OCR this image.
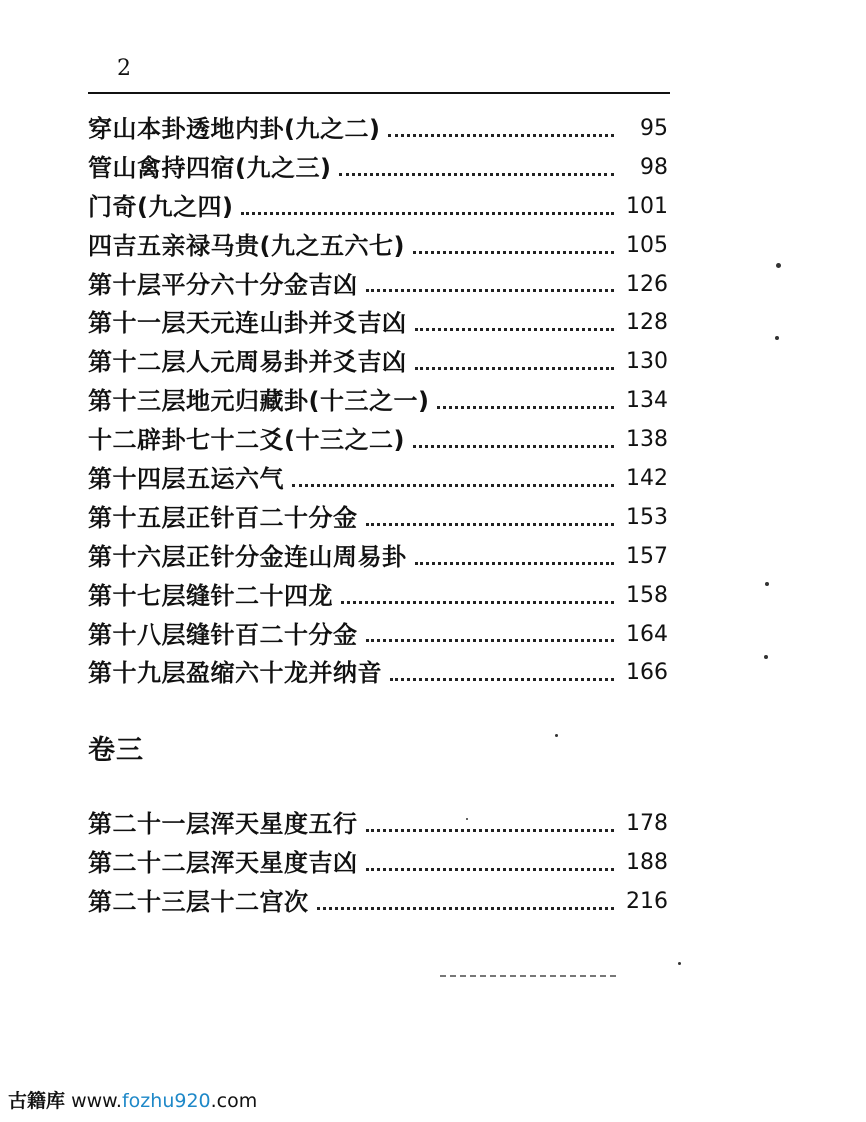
2
穿山本卦透地内卦(九之二)	95
管山禽持四宿(九之三)	98
门奇(九之四)	101
四吉五亲禄马贵(九之五六七)	105
第十层平分六十分金吉凶	126
第十一层天元连山卦并爻吉凶	128
第十二层人元周易卦并爻吉凶	130
第十三层地元归藏卦(十三之一)	134
十二辟卦七十二爻(十三之二)	138
第十四层五运六气	142
第十五层正针百二十分金	153
第十六层正针分金连山周易卦	157
第十七层缝针二十四龙	158
第十八层缝针百二十分金	164
第十九层盈缩六十龙并纳音	166
卷三
第二十一层浑天星度五行	178
第二十二层浑天星度吉凶	188
第二十三层十二宫次	216
古籍库 www.fozhu920.com
